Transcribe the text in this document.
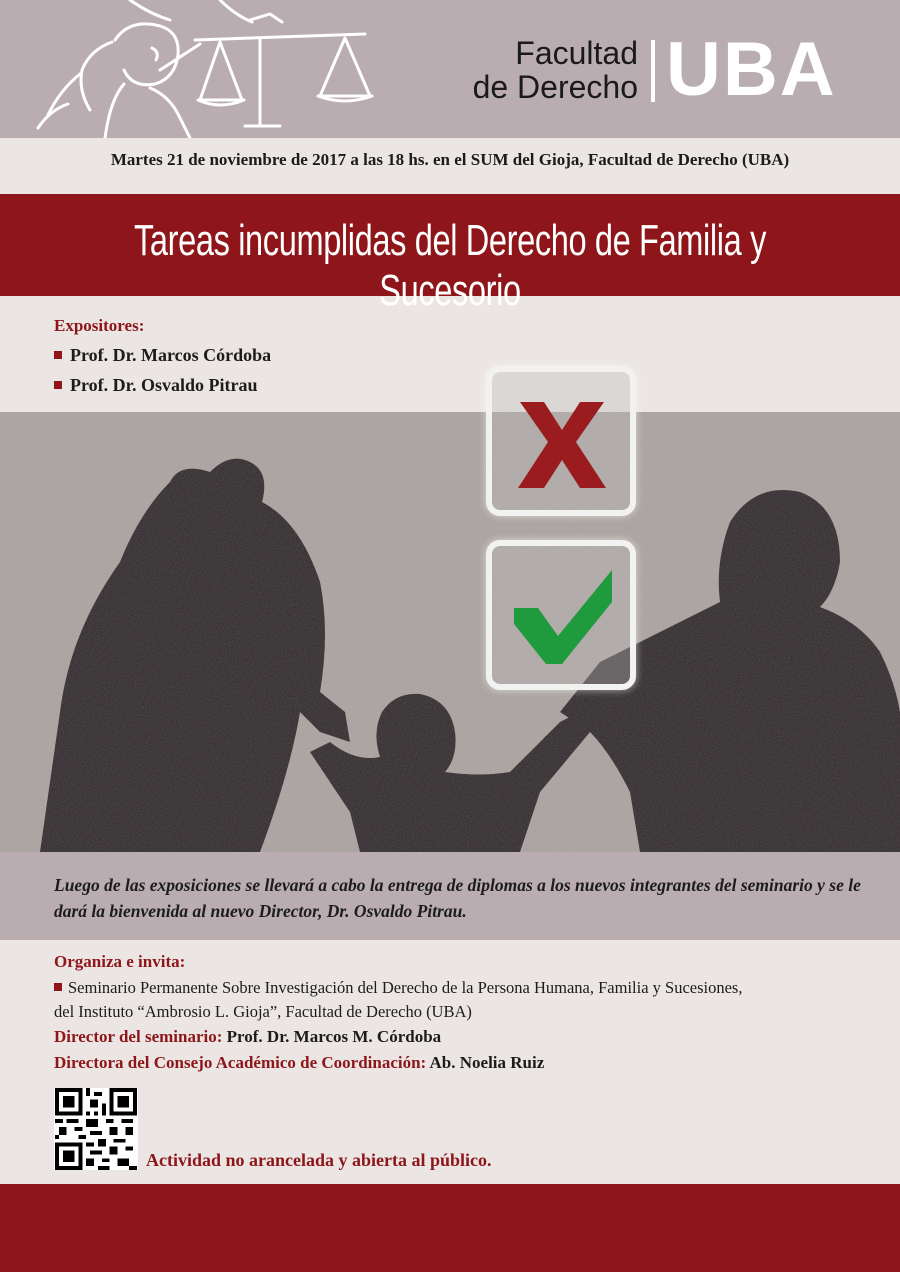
Facultad
de Derecho UBA
Martes 21 de noviembre de 2017 a las 18 hs. en el SUM del Gioja, Facultad de Derecho (UBA)
Tareas incumplidas del Derecho de Familia y Sucesorio
Expositores:
Prof. Dr. Marcos Córdoba
Prof. Dr. Osvaldo Pitrau
Luego de las exposiciones se llevará a cabo la entrega de diplomas a los nuevos integrantes del seminario y se le dará la bienvenida al nuevo Director, Dr. Osvaldo Pitrau.
Organiza e invita:
Seminario Permanente Sobre Investigación del Derecho de la Persona Humana, Familia y Sucesiones,
del Instituto “Ambrosio L. Gioja”, Facultad de Derecho (UBA)
Director del seminario: Prof. Dr. Marcos M. Córdoba
Directora del Consejo Académico de Coordinación: Ab. Noelia Ruiz
Actividad no arancelada y abierta al público.
